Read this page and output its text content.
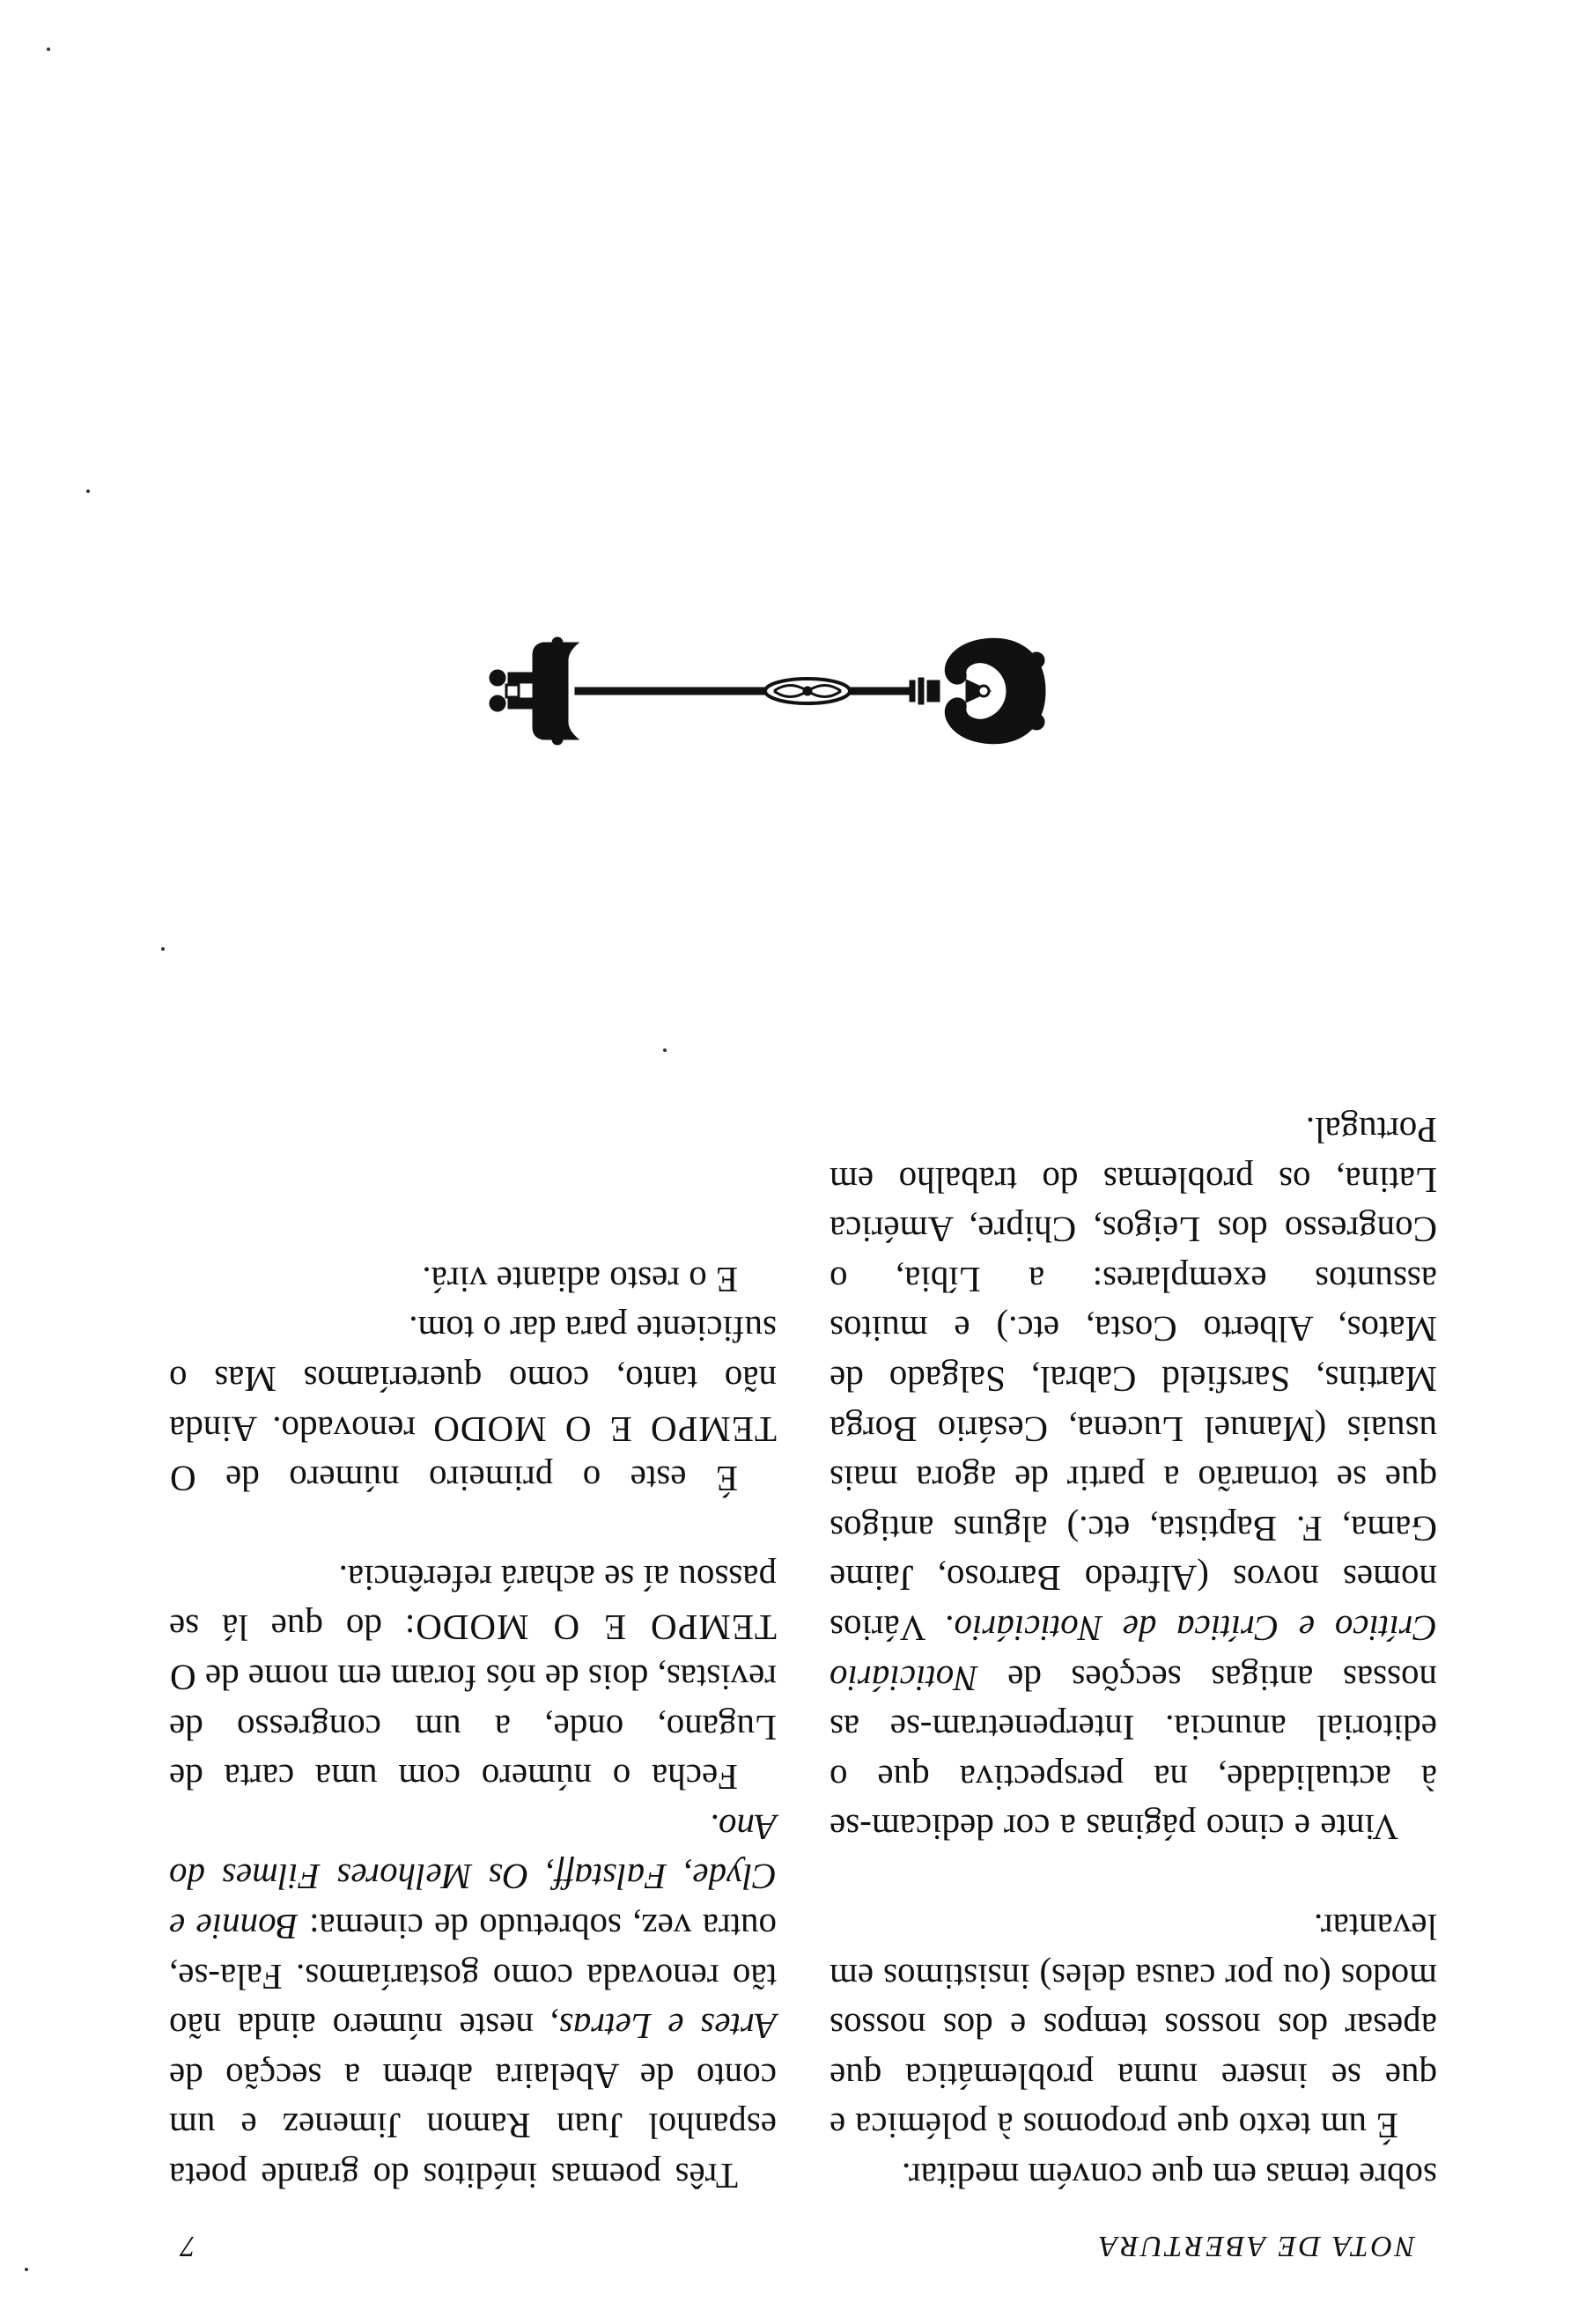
NOTA DE ABERTURA
7

sobre temas em que convém meditar.

É um texto que propomos à polémica e que se insere numa problemática que apesar dos nossos tempos e dos nossos modos (ou por causa deles) insistimos em levantar.

Vinte e cinco páginas a cor dedicam-se à actualidade, na perspectiva que o editorial anuncia. Interpenetram-se as nossas antigas secções de Noticiário Crítico e Crítica de Noticiário. Vários nomes novos (Alfredo Barroso, Jaime Gama, F. Baptista, etc.) alguns antigos que se tornarão a partir de agora mais usuais (Manuel Lucena, Cesário Borga Martins, Sarsfield Cabral, Salgado de Matos, Alberto Costa, etc.) e muitos assuntos exemplares: a Líbia, o Congresso dos Leigos, Chipre, América Latina, os problemas do trabalho em Portugal.

Três poemas inéditos do grande poeta espanhol Juan Ramon Jimenez e um conto de Abelaira abrem a secção de Artes e Letras, neste número ainda não tão renovada como gostaríamos. Fala-se, outra vez, sobretudo de cinema: Bonnie e Clyde, Falstaff, Os Melhores Filmes do Ano.

Fecha o número com uma carta de Lugano, onde, a um congresso de revistas, dois de nós foram em nome de O TEMPO E O MODO: do que lá se passou aí se achará referência.

É este o primeiro número de O TEMPO E O MODO renovado. Ainda não tanto, como quereríamos Mas o suficiente para dar o tom.

E o resto adiante virá.
